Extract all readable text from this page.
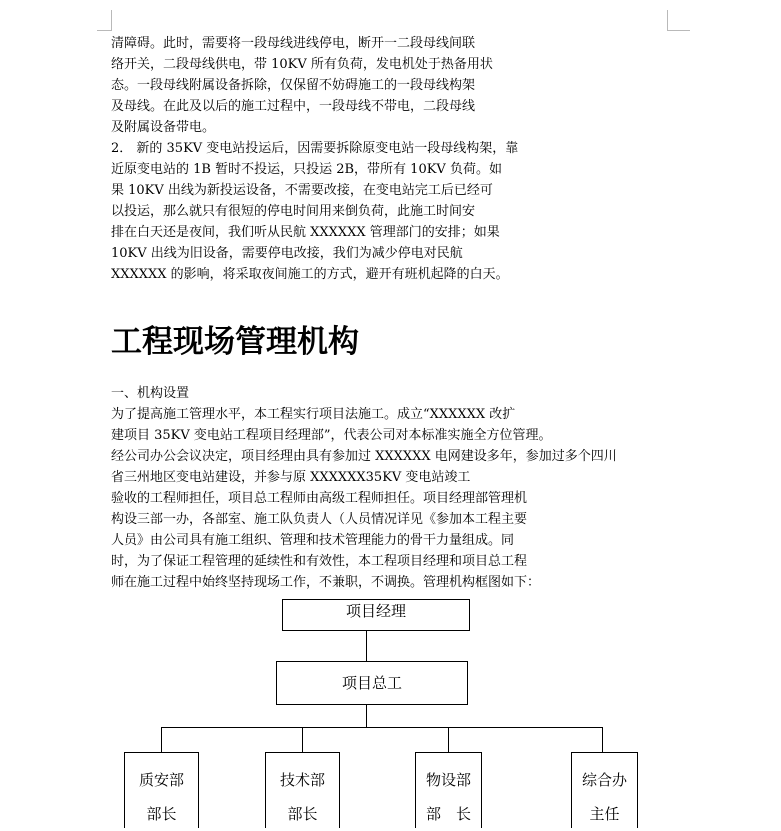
清障碍。此时，需要将一段母线进线停电，断开一二段母线间联

络开关，二段母线供电，带 10KV 所有负荷，发电机处于热备用状

态。一段母线附属设备拆除，仅保留不妨碍施工的一段母线构架

及母线。在此及以后的施工过程中，一段母线不带电，二段母线

及附属设备带电。

2． 新的 35KV 变电站投运后，因需要拆除原变电站一段母线构架，靠

近原变电站的 1B 暂时不投运，只投运 2B，带所有 10KV 负荷。如

果 10KV 出线为新投运设备，不需要改接，在变电站完工后已经可

以投运，那么就只有很短的停电时间用来倒负荷，此施工时间安

排在白天还是夜间，我们听从民航 XXXXXX 管理部门的安排；如果

10KV 出线为旧设备，需要停电改接，我们为减少停电对民航

XXXXXX 的影响，将采取夜间施工的方式，避开有班机起降的白天。

工程现场管理机构

一、机构设置

为了提高施工管理水平，本工程实行项目法施工。成立“XXXXXX 改扩

建项目 35KV 变电站工程项目经理部”，代表公司对本标准实施全方位管理。

经公司办公会议决定，项目经理由具有参加过 XXXXXX 电网建设多年，参加过多个四川

省三州地区变电站建设，并参与原 XXXXXX35KV 变电站竣工

验收的工程师担任，项目总工程师由高级工程师担任。项目经理部管理机

构设三部一办，各部室、施工队负责人（人员情况详见《参加本工程主要

人员》由公司具有施工组织、管理和技术管理能力的骨干力量组成。同

时，为了保证工程管理的延续性和有效性，本工程项目经理和项目总工程

师在施工过程中始终坚持现场工作，不兼职，不调换。管理机构框图如下：

项目经理
项目总工
质安部
部长
技术部
部长
物设部
部　长
综合办
主任
